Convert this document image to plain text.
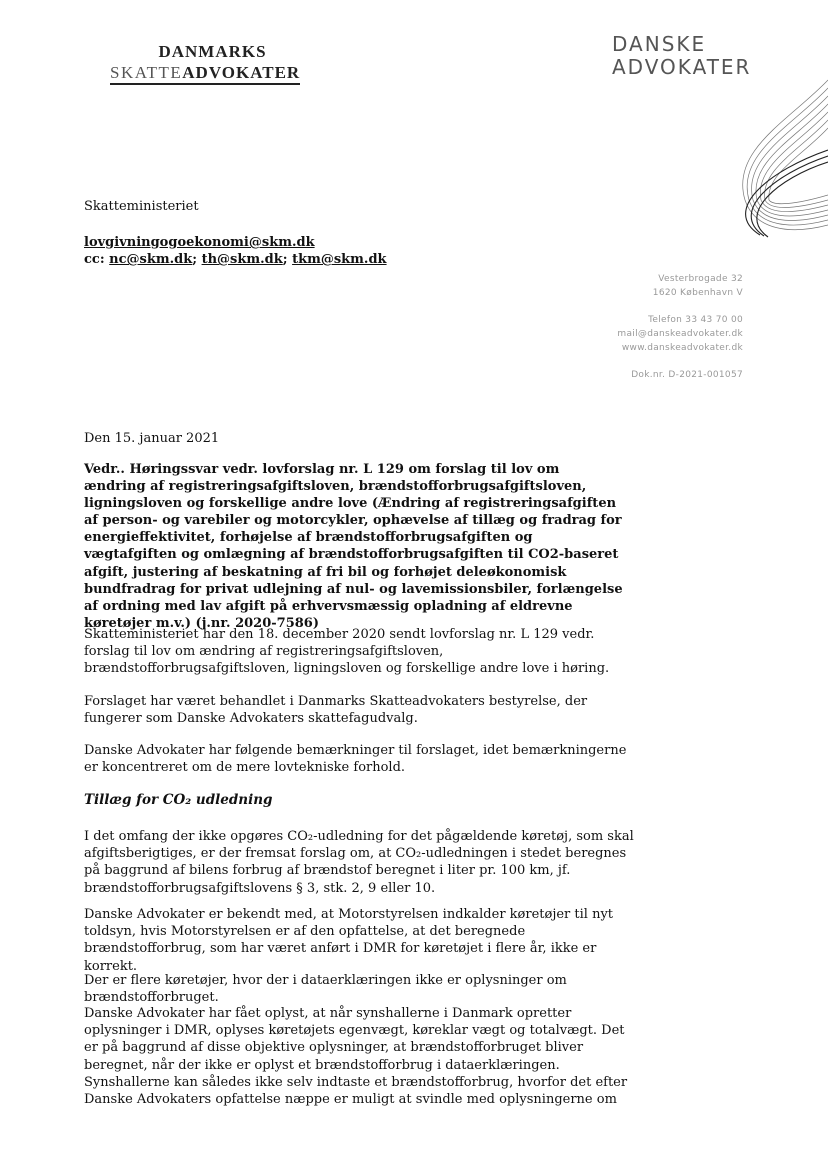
DANMARKS
SKATTEADVOKATER
DANSKE
ADVOKATER
Skatteministeriet
lovgivningogoekonomi@skm.dk
cc: nc@skm.dk; th@skm.dk; tkm@skm.dk
Vesterbrogade 32
1620 København V
Telefon 33 43 70 00
mail@danskeadvokater.dk
www.danskeadvokater.dk
Dok.nr. D-2021-001057
Den 15. januar 2021
Vedr.. Høringssvar vedr. lovforslag nr. L 129 om forslag til lov om ændring af registreringsafgiftsloven, brændstofforbrugsafgiftsloven, ligningsloven og forskellige andre love (Ændring af registreringsafgiften af person- og varebiler og motorcykler, ophævelse af tillæg og fradrag for energieffektivitet, forhøjelse af brændstofforbrugsafgiften og vægtafgiften og omlægning af brændstofforbrugsafgiften til CO2-baseret afgift, justering af beskatning af fri bil og forhøjet deleøkonomisk bundfradrag for privat udlejning af nul- og lavemissionsbiler, forlængelse af ordning med lav afgift på erhvervsmæssig opladning af eldrevne køretøjer m.v.) (j.nr. 2020-7586)
Skatteministeriet har den 18. december 2020 sendt lovforslag nr. L 129 vedr. forslag til lov om ændring af registreringsafgiftsloven, brændstofforbrugsafgiftsloven, ligningsloven og forskellige andre love i høring.
Forslaget har været behandlet i Danmarks Skatteadvokaters bestyrelse, der fungerer som Danske Advokaters skattefagudvalg.
Danske Advokater har følgende bemærkninger til forslaget, idet bemærkningerne er koncentreret om de mere lovtekniske forhold.
Tillæg for CO₂ udledning
I det omfang der ikke opgøres CO₂-udledning for det pågældende køretøj, som skal afgiftsberigtiges, er der fremsat forslag om, at CO₂-udledningen i stedet beregnes på baggrund af bilens forbrug af brændstof beregnet i liter pr. 100 km, jf. brændstofforbrugsafgiftslovens § 3, stk. 2, 9 eller 10.
Danske Advokater er bekendt med, at Motorstyrelsen indkalder køretøjer til nyt toldsyn, hvis Motorstyrelsen er af den opfattelse, at det beregnede brændstofforbrug, som har været anført i DMR for køretøjet i flere år, ikke er korrekt.
Der er flere køretøjer, hvor der i dataerklæringen ikke er oplysninger om brændstofforbruget.
Danske Advokater har fået oplyst, at når synshallerne i Danmark opretter oplysninger i DMR, oplyses køretøjets egenvægt, køreklar vægt og totalvægt. Det er på baggrund af disse objektive oplysninger, at brændstofforbruget bliver beregnet, når der ikke er oplyst et brændstofforbrug i dataerklæringen. Synshallerne kan således ikke selv indtaste et brændstofforbrug, hvorfor det efter Danske Advokaters opfattelse næppe er muligt at svindle med oplysningerne om
